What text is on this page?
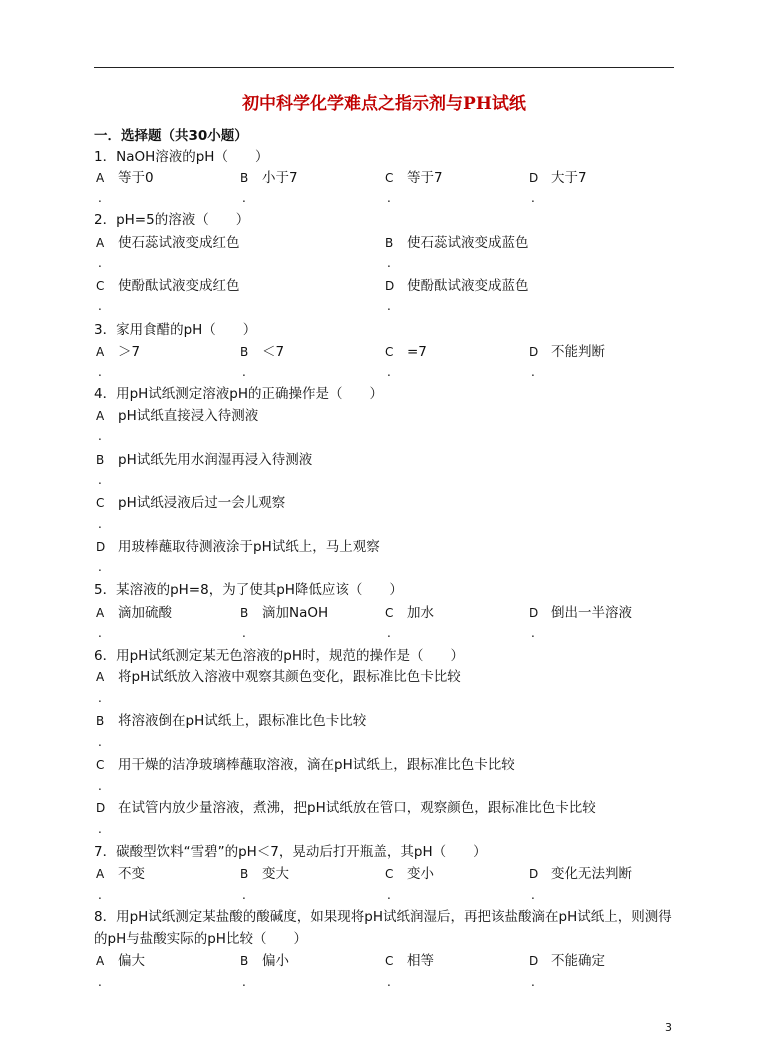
初中科学化学难点之指示剂与PH试纸
一．选择题（共30小题）
1．NaOH溶液的pH（　　）
A 等于0	B 小于7	C 等于7	D 大于7
.	.	.	.
2．pH=5的溶液（　　）
A 使石蕊试液变成红色	B 使石蕊试液变成蓝色
.	.
C 使酚酞试液变成红色	D 使酚酞试液变成蓝色
.	.
3．家用食醋的pH（　　）
A ＞7	B ＜7	C =7	D 不能判断
.	.	.	.
4．用pH试纸测定溶液pH的正确操作是（　　）
A pH试纸直接浸入待测液
.
B pH试纸先用水润湿再浸入待测液
.
C pH试纸浸液后过一会儿观察
.
D 用玻棒蘸取待测液涂于pH试纸上，马上观察
.
5．某溶液的pH=8，为了使其pH降低应该（　　）
A 滴加硫酸	B 滴加NaOH	C 加水	D 倒出一半溶液
.	.	.	.
6．用pH试纸测定某无色溶液的pH时，规范的操作是（　　）
A 将pH试纸放入溶液中观察其颜色变化，跟标准比色卡比较
.
B 将溶液倒在pH试纸上，跟标准比色卡比较
.
C 用干燥的洁净玻璃棒蘸取溶液，滴在pH试纸上，跟标准比色卡比较
.
D 在试管内放少量溶液，煮沸，把pH试纸放在管口，观察颜色，跟标准比色卡比较
.
7．碳酸型饮料“雪碧”的pH＜7，晃动后打开瓶盖，其pH（　　）
A 不变	B 变大	C 变小	D 变化无法判断
.	.	.	.
8．用pH试纸测定某盐酸的酸碱度，如果现将pH试纸润湿后，再把该盐酸滴在pH试纸上，则测得的pH与盐酸实际的pH比较（　　）
A 偏大	B 偏小	C 相等	D 不能确定
.	.	.	.
3
